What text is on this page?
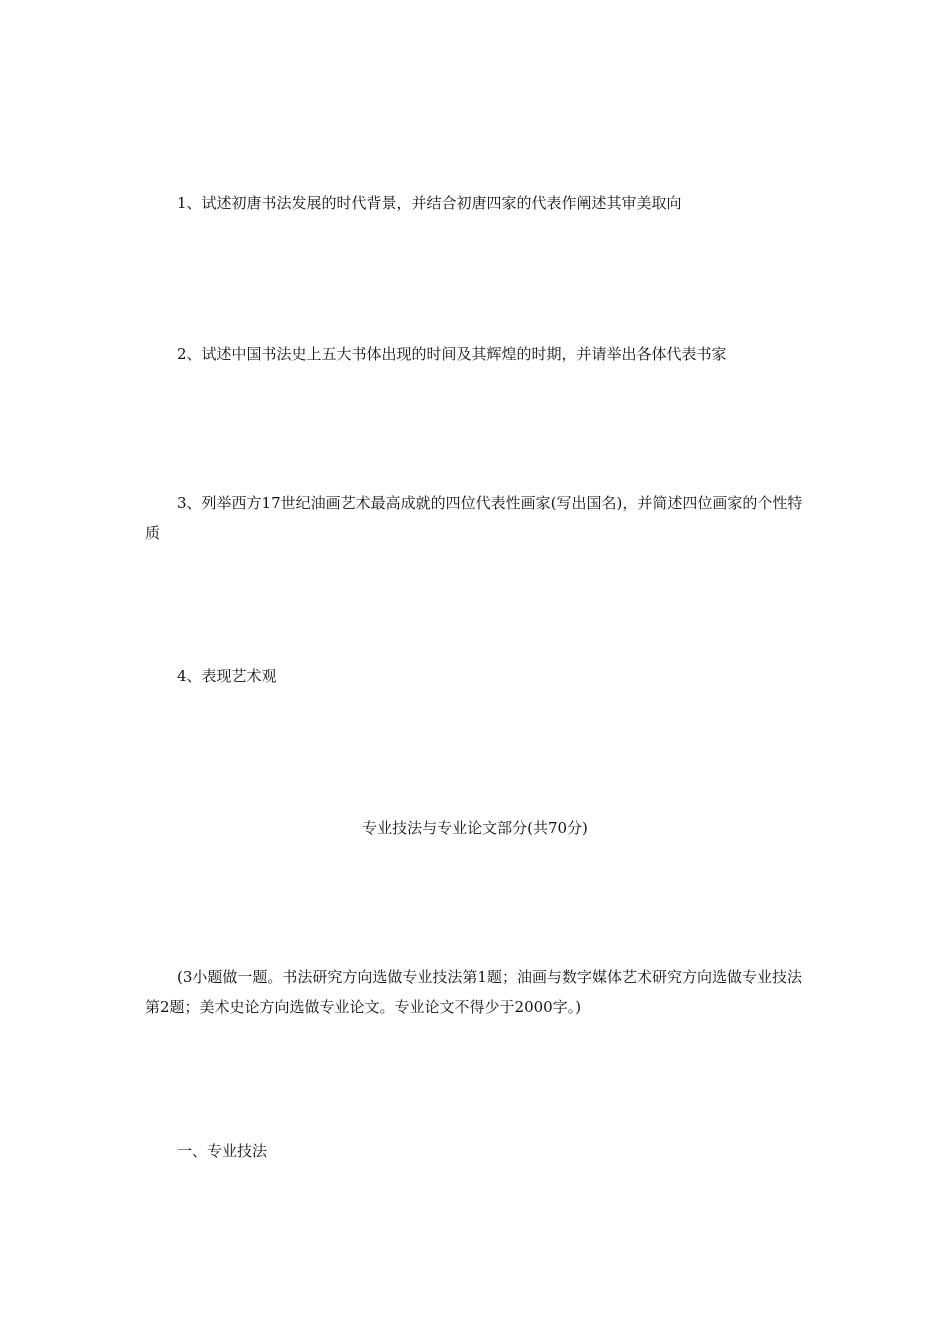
1、试述初唐书法发展的时代背景，并结合初唐四家的代表作阐述其审美取向

2、试述中国书法史上五大书体出现的时间及其辉煌的时期，并请举出各体代表书家

3、列举西方17世纪油画艺术最高成就的四位代表性画家(写出国名)，并简述四位画家的个性特质

4、表现艺术观

专业技法与专业论文部分(共70分)

(3小题做一题。书法研究方向选做专业技法第1题；油画与数字媒体艺术研究方向选做专业技法第2题；美术史论方向选做专业论文。专业论文不得少于2000字。)

一、专业技法
